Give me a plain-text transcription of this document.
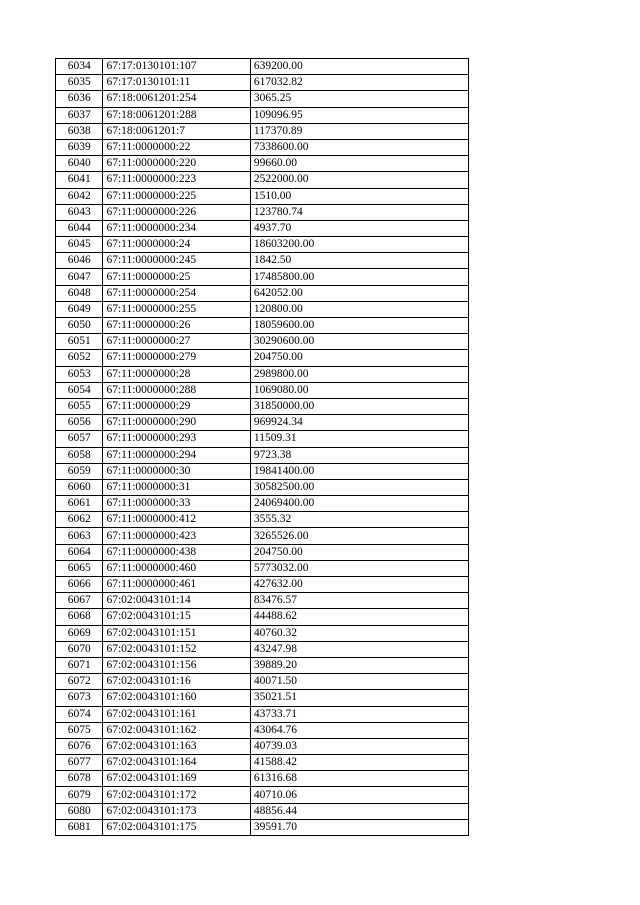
6034	67:17:0130101:107	639200.00
6035	67:17:0130101:11	617032.82
6036	67:18:0061201:254	3065.25
6037	67:18:0061201:288	109096.95
6038	67:18:0061201:7	117370.89
6039	67:11:0000000:22	7338600.00
6040	67:11:0000000:220	99660.00
6041	67:11:0000000:223	2522000.00
6042	67:11:0000000:225	1510.00
6043	67:11:0000000:226	123780.74
6044	67:11:0000000:234	4937.70
6045	67:11:0000000:24	18603200.00
6046	67:11:0000000:245	1842.50
6047	67:11:0000000:25	17485800.00
6048	67:11:0000000:254	642052.00
6049	67:11:0000000:255	120800.00
6050	67:11:0000000:26	18059600.00
6051	67:11:0000000:27	30290600.00
6052	67:11:0000000:279	204750.00
6053	67:11:0000000:28	2989800.00
6054	67:11:0000000:288	1069080.00
6055	67:11:0000000:29	31850000.00
6056	67:11:0000000:290	969924.34
6057	67:11:0000000:293	11509.31
6058	67:11:0000000:294	9723.38
6059	67:11:0000000:30	19841400.00
6060	67:11:0000000:31	30582500.00
6061	67:11:0000000:33	24069400.00
6062	67:11:0000000:412	3555.32
6063	67:11:0000000:423	3265526.00
6064	67:11:0000000:438	204750.00
6065	67:11:0000000:460	5773032.00
6066	67:11:0000000:461	427632.00
6067	67:02:0043101:14	83476.57
6068	67:02:0043101:15	44488.62
6069	67:02:0043101:151	40760.32
6070	67:02:0043101:152	43247.98
6071	67:02:0043101:156	39889.20
6072	67:02:0043101:16	40071.50
6073	67:02:0043101:160	35021.51
6074	67:02:0043101:161	43733.71
6075	67:02:0043101:162	43064.76
6076	67:02:0043101:163	40739.03
6077	67:02:0043101:164	41588.42
6078	67:02:0043101:169	61316.68
6079	67:02:0043101:172	40710.06
6080	67:02:0043101:173	48856.44
6081	67:02:0043101:175	39591.70
